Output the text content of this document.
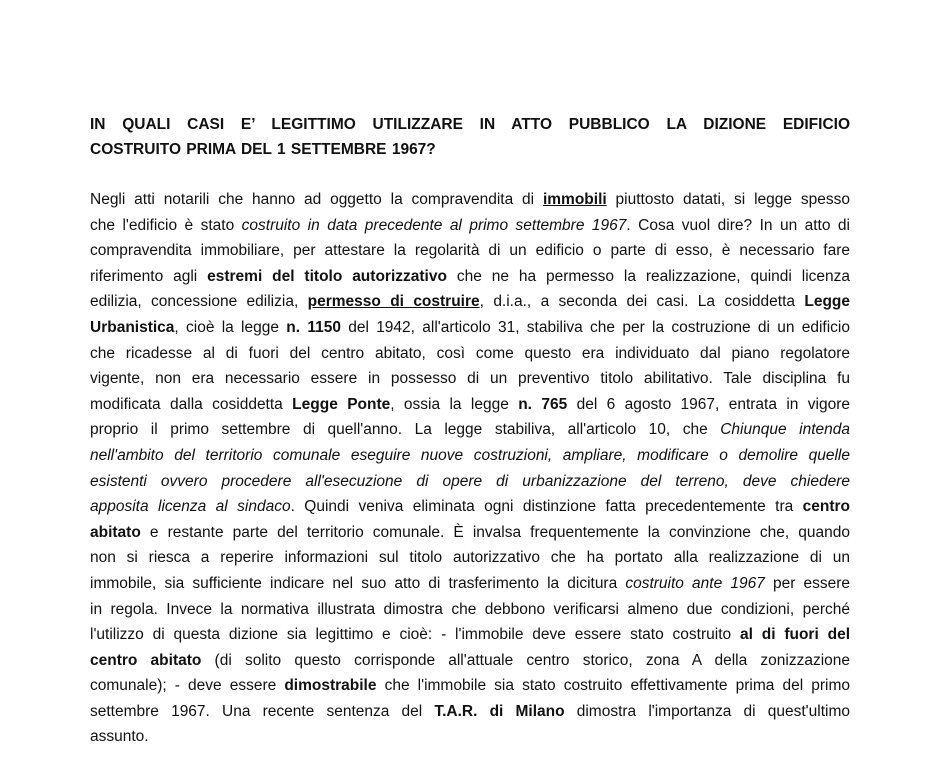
IN QUALI CASI E’ LEGITTIMO UTILIZZARE IN ATTO PUBBLICO LA DIZIONE EDIFICIO
COSTRUITO PRIMA DEL 1 SETTEMBRE 1967?
Negli atti notarili che hanno ad oggetto la compravendita di immobili piuttosto datati, si legge spesso
che l'edificio è stato costruito in data precedente al primo settembre 1967. Cosa vuol dire? In un atto di
compravendita immobiliare, per attestare la regolarità di un edificio o parte di esso, è necessario fare
riferimento agli estremi del titolo autorizzativo che ne ha permesso la realizzazione, quindi licenza
edilizia, concessione edilizia, permesso di costruire, d.i.a., a seconda dei casi. La cosiddetta Legge
Urbanistica, cioè la legge n. 1150 del 1942, all'articolo 31, stabiliva che per la costruzione di un edificio
che ricadesse al di fuori del centro abitato, così come questo era individuato dal piano regolatore
vigente, non era necessario essere in possesso di un preventivo titolo abilitativo. Tale disciplina fu
modificata dalla cosiddetta Legge Ponte, ossia la legge n. 765 del 6 agosto 1967, entrata in vigore
proprio il primo settembre di quell'anno. La legge stabiliva, all'articolo 10, che Chiunque intenda
nell'ambito del territorio comunale eseguire nuove costruzioni, ampliare, modificare o demolire quelle
esistenti ovvero procedere all'esecuzione di opere di urbanizzazione del terreno, deve chiedere
apposita licenza al sindaco. Quindi veniva eliminata ogni distinzione fatta precedentemente tra centro
abitato e restante parte del territorio comunale. È invalsa frequentemente la convinzione che, quando
non si riesca a reperire informazioni sul titolo autorizzativo che ha portato alla realizzazione di un
immobile, sia sufficiente indicare nel suo atto di trasferimento la dicitura costruito ante 1967 per essere
in regola. Invece la normativa illustrata dimostra che debbono verificarsi almeno due condizioni, perché
l'utilizzo di questa dizione sia legittimo e cioè: - l'immobile deve essere stato costruito al di fuori del
centro abitato (di solito questo corrisponde all'attuale centro storico, zona A della zonizzazione
comunale); - deve essere dimostrabile che l'immobile sia stato costruito effettivamente prima del primo
settembre 1967. Una recente sentenza del T.A.R. di Milano dimostra l'importanza di quest'ultimo
assunto.
